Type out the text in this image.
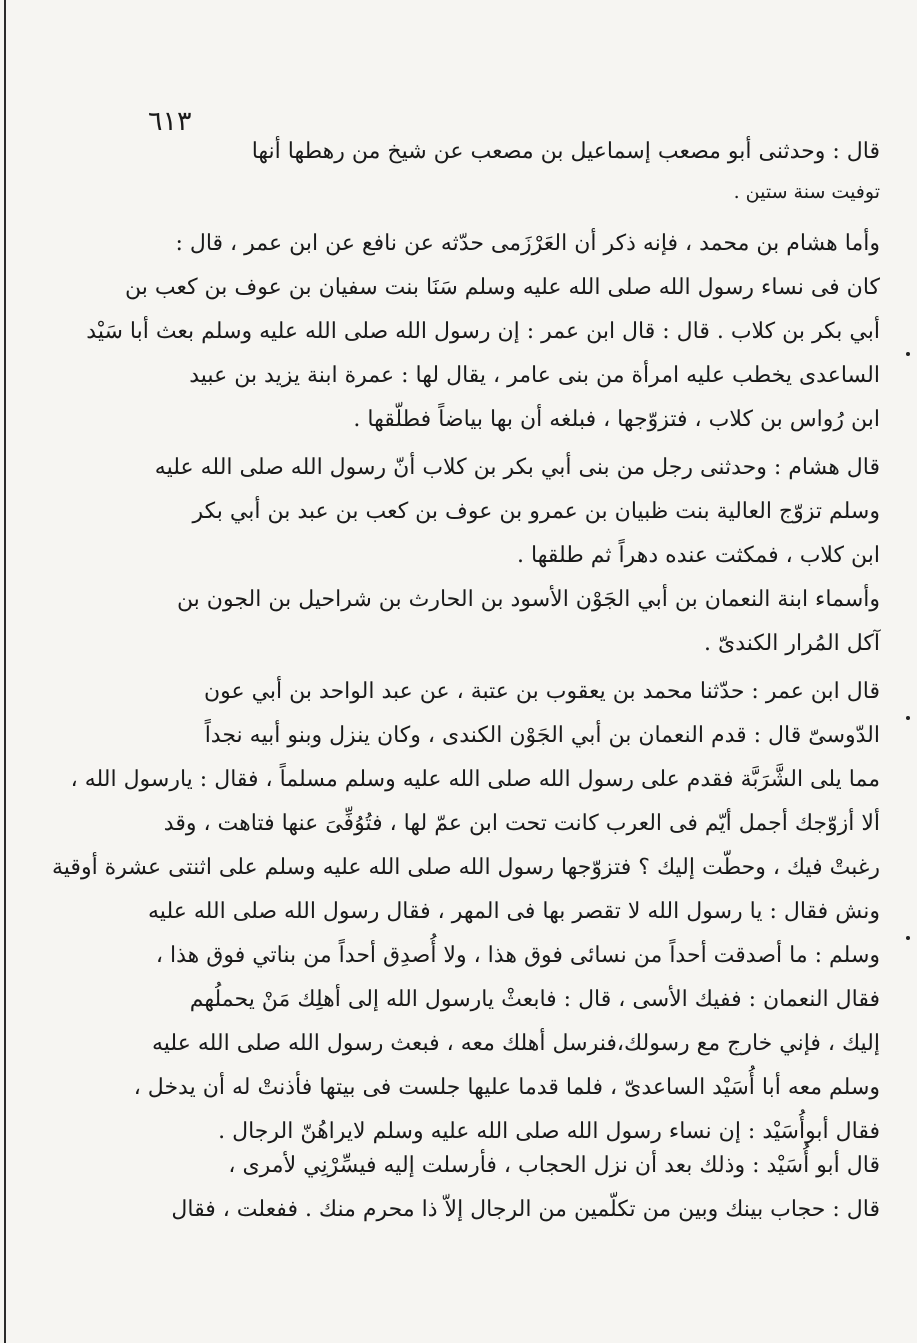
٦١٣
قال : وحدثنى أبو مصعب إسماعيل بن مصعب عن شيخ من رهطها أنها
توفيت سنة ستين .
وأما هشام بن محمد ، فإنه ذكر أن العَرْزَمى حدّثه عن نافع عن ابن عمر ، قال :
كان فى نساء رسول الله صلى الله عليه وسلم سَنَا بنت سفيان بن عوف بن كعب بن
أبي بكر بن كلاب . قال : قال ابن عمر : إن رسول الله صلى الله عليه وسلم بعث أبا سَيْد
الساعدى يخطب عليه امرأة من بنى عامر ، يقال لها : عمرة ابنة يزيد بن عبيد
ابن رُواس بن كلاب ، فتزوّجها ، فبلغه أن بها بياضاً فطلّقها .
قال هشام : وحدثنى رجل من بنى أبي بكر بن كلاب أنّ رسول الله صلى الله عليه
وسلم تزوّج العالية بنت ظبيان بن عمرو بن عوف بن كعب بن عبد بن أبي بكر
ابن كلاب ، فمكثت عنده دهراً ثم طلقها .
وأسماء ابنة النعمان بن أبي الجَوْن الأسود بن الحارث بن شراحيل بن الجون بن
آكل المُرار الكندىّ .
قال ابن عمر : حدّثنا محمد بن يعقوب بن عتبة ، عن عبد الواحد بن أبي عون
الدّوسىّ قال : قدم النعمان بن أبي الجَوْن الكندى ، وكان ينزل وبنو أبيه نجداً
مما يلى الشَّرَبَّة فقدم على رسول الله صلى الله عليه وسلم مسلماً ، فقال : يارسول الله ،
ألا أزوّجك أجمل أيّم فى العرب كانت تحت ابن عمّ لها ، فتُوُفِّىَ عنها فتاهت ، وقد
رغبتْ فيك ، وحطّت إليك ؟ فتزوّجها رسول الله صلى الله عليه وسلم على اثنتى عشرة أوقية
ونش فقال : يا رسول الله لا تقصر بها فى المهر ، فقال رسول الله صلى الله عليه
وسلم : ما أصدقت أحداً من نسائى فوق هذا ، ولا أُصدِق أحداً من بناتي فوق هذا ،
فقال النعمان : ففيك الأسى ، قال : فابعثْ يارسول الله إلى أهلِك مَنْ يحملُهم
إليك ، فإني خارج مع رسولك،فنرسل أهلك معه ، فبعث رسول الله صلى الله عليه
وسلم معه أبا أُسَيْد الساعدىّ ، فلما قدما عليها جلست فى بيتها فأذنتْ له أن يدخل ،
فقال أبوأُسَيْد : إن نساء رسول الله صلى الله عليه وسلم لايراهُنّ الرجال .
قال أبو أُسَيْد : وذلك بعد أن نزل الحجاب ، فأرسلت إليه فيسِّرْنِي لأمرى ،
قال : حجاب بينك وبين من تكلّمين من الرجال إلاّ ذا محرم منك . ففعلت ، فقال
